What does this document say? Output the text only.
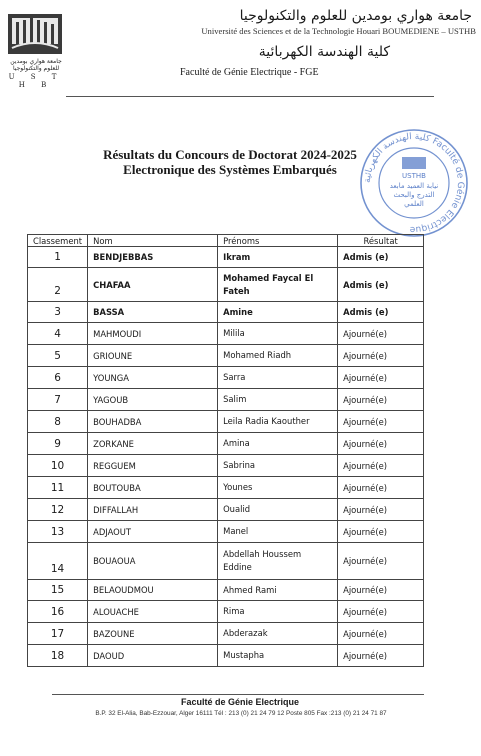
جامعة هواري بومدين للعلوم والتكنولوجيا
U S T H B
جامعة هواري بومدين للعلوم والتكنولوجيا
Université des Sciences et de la Technologie Houari BOUMEDIENE – USTHB
كلية الهندسة الكهربائية
Faculté de Génie Electrique - FGE
Résultats du Concours de Doctorat 2024-2025
Electronique des Systèmes Embarqués
كلية الهندسة الكهربائية Faculté de Génie Electrique
USTHB
نيابة العميد مابعد
التدرج والبحث
العلمي
Classement	Nom	Prénoms	Résultat
1	BENDJEBBAS	Ikram	Admis (e)
2	CHAFAA	Mohamed Faycal El Fateh	Admis (e)
3	BASSA	Amine	Admis (e)
4	MAHMOUDI	Milila	Ajourné(e)
5	GRIOUNE	Mohamed Riadh	Ajourné(e)
6	YOUNGA	Sarra	Ajourné(e)
7	YAGOUB	Salim	Ajourné(e)
8	BOUHADBA	Leila Radia Kaouther	Ajourné(e)
9	ZORKANE	Amina	Ajourné(e)
10	REGGUEM	Sabrina	Ajourné(e)
11	BOUTOUBA	Younes	Ajourné(e)
12	DIFFALLAH	Oualid	Ajourné(e)
13	ADJAOUT	Manel	Ajourné(e)
14	BOUAOUA	Abdellah Houssem Eddine	Ajourné(e)
15	BELAOUDMOU	Ahmed Rami	Ajourné(e)
16	ALOUACHE	Rima	Ajourné(e)
17	BAZOUNE	Abderazak	Ajourné(e)
18	DAOUD	Mustapha	Ajourné(e)
Faculté de Génie Electrique
B.P. 32 El-Alia, Bab-Ezzouar, Alger 16111 Tél : 213 (0) 21 24 79 12 Poste 805 Fax :213 (0) 21 24 71 87
